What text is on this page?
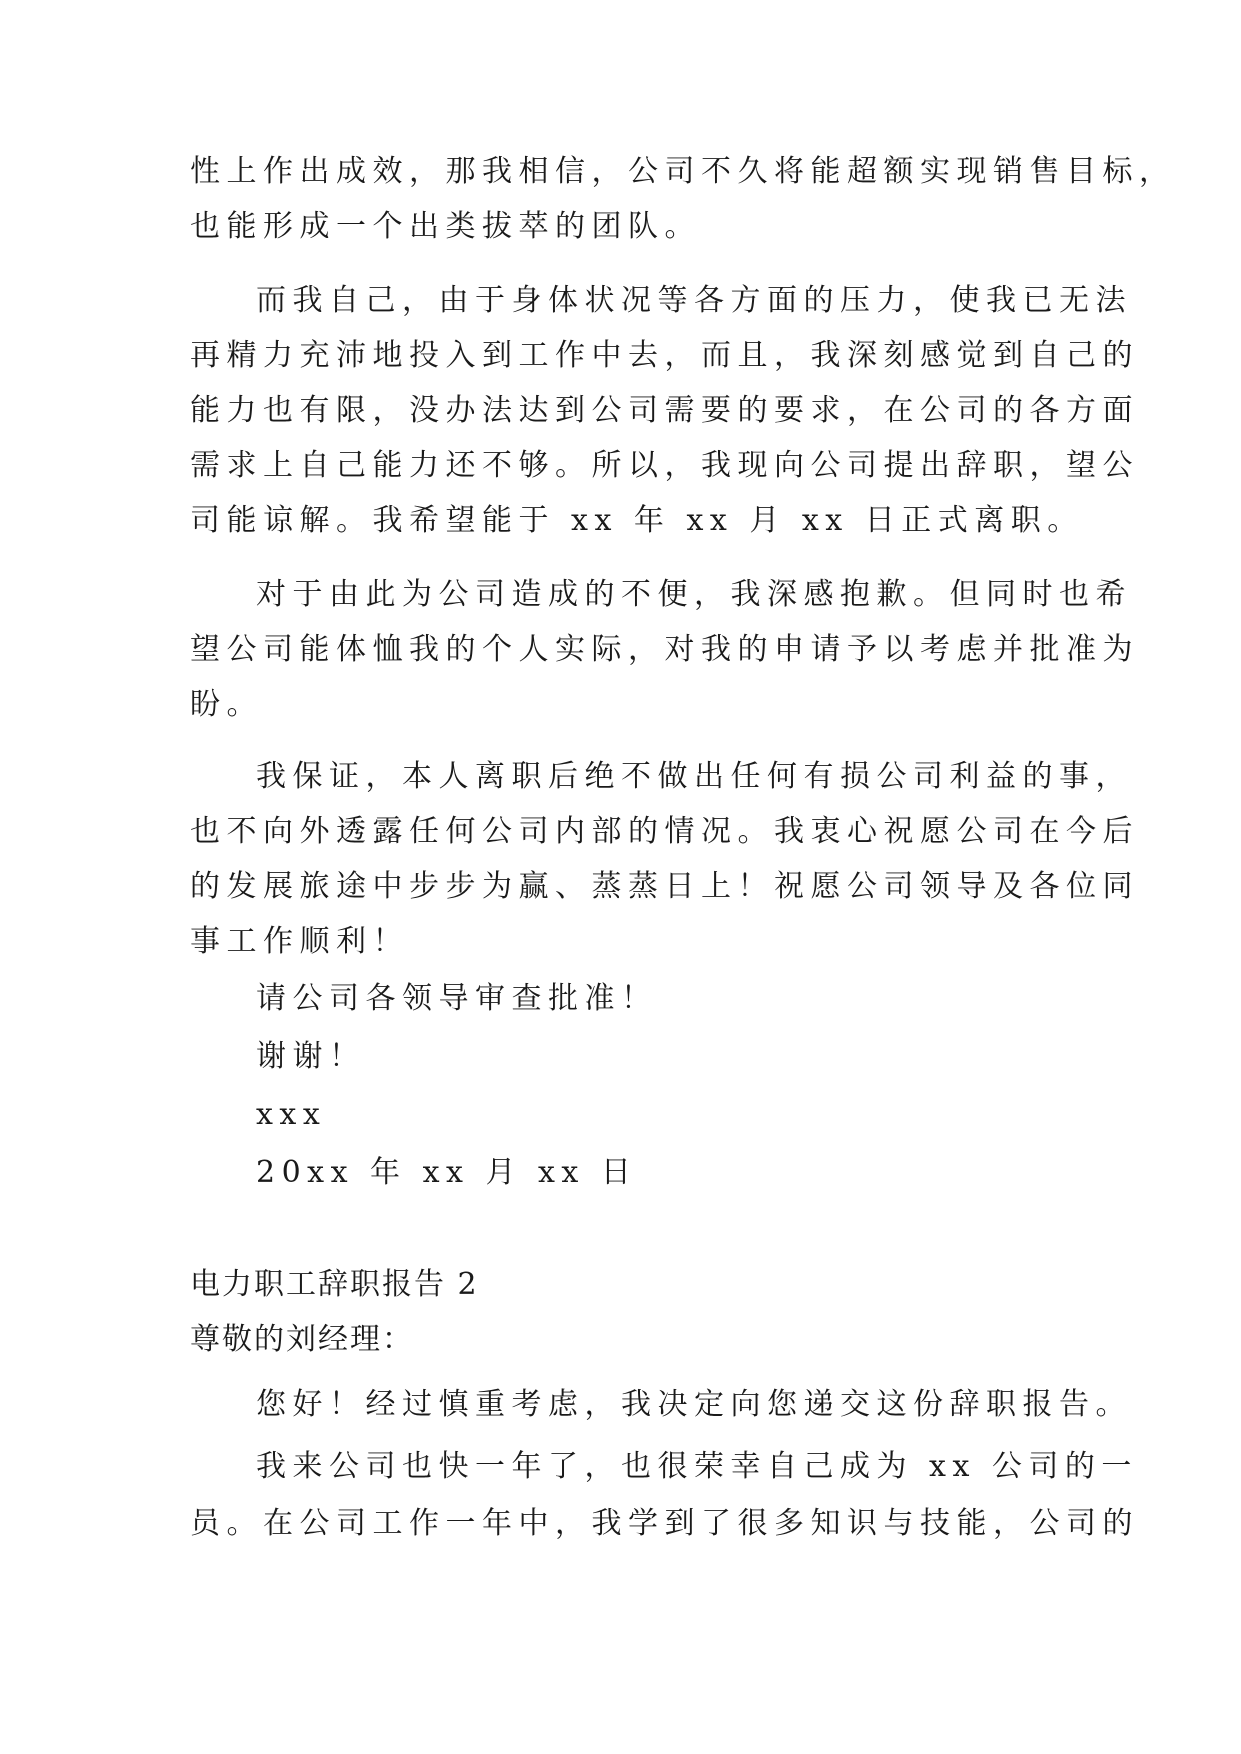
性上作出成效，那我相信，公司不久将能超额实现销售目标，
也能形成一个出类拔萃的团队。
而我自己，由于身体状况等各方面的压力，使我已无法
再精力充沛地投入到工作中去，而且，我深刻感觉到自己的
能力也有限，没办法达到公司需要的要求，在公司的各方面
需求上自己能力还不够。所以，我现向公司提出辞职，望公
司能谅解。我希望能于 xx 年 xx 月 xx 日正式离职。
对于由此为公司造成的不便，我深感抱歉。但同时也希
望公司能体恤我的个人实际，对我的申请予以考虑并批准为
盼。
我保证，本人离职后绝不做出任何有损公司利益的事，
也不向外透露任何公司内部的情况。我衷心祝愿公司在今后
的发展旅途中步步为赢、蒸蒸日上！祝愿公司领导及各位同
事工作顺利！
请公司各领导审查批准！
谢谢！
xxx
20xx 年 xx 月 xx 日
电力职工辞职报告 2
尊敬的刘经理：
您好！经过慎重考虑，我决定向您递交这份辞职报告。
我来公司也快一年了，也很荣幸自己成为 xx 公司的一
员。在公司工作一年中，我学到了很多知识与技能，公司的
